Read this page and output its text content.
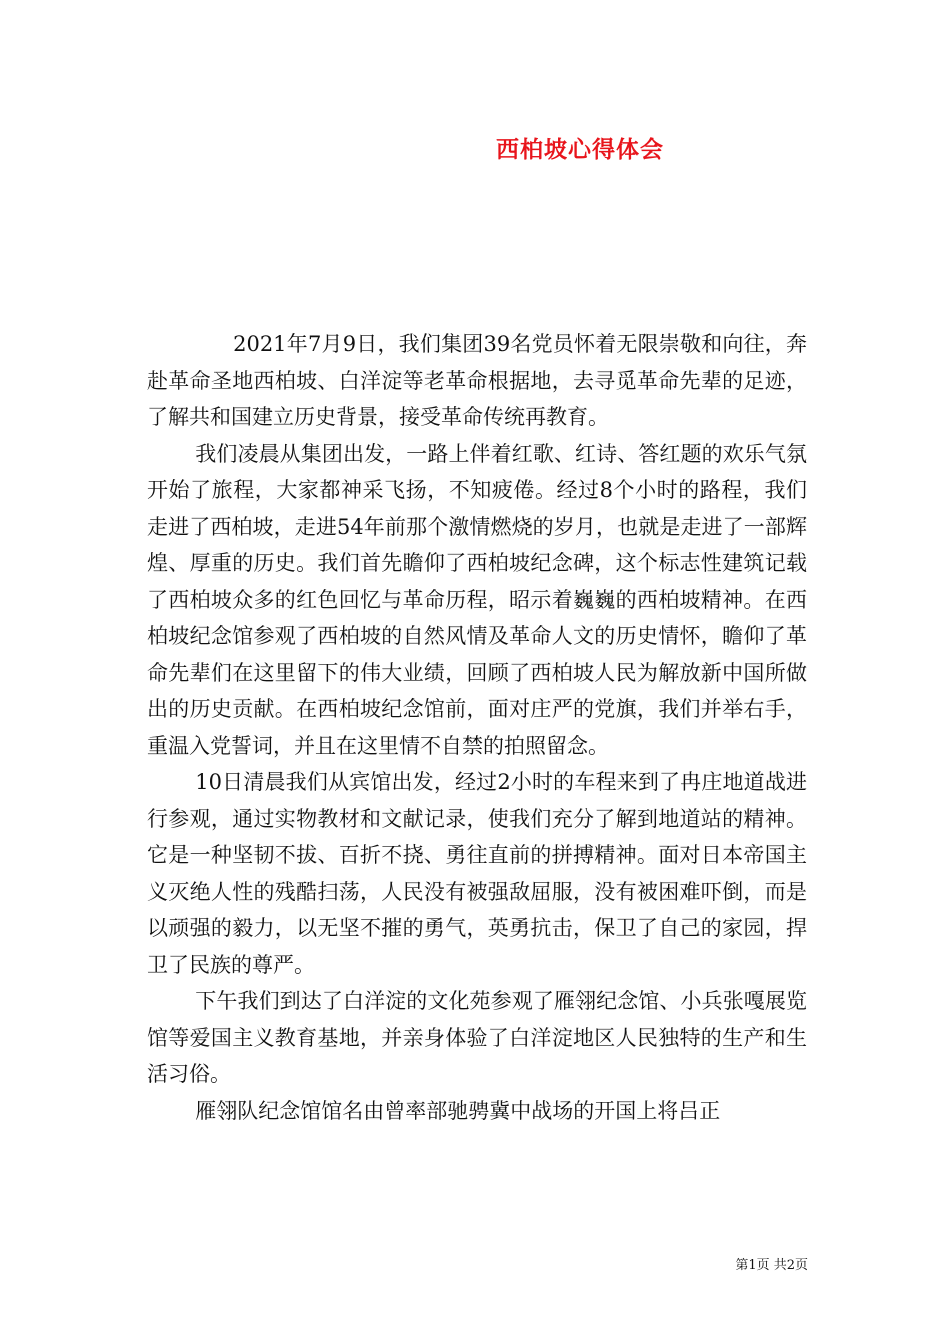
西柏坡心得体会

2021年7月9日，我们集团39名党员怀着无限崇敬和向往，奔赴革命圣地西柏坡、白洋淀等老革命根据地，去寻觅革命先辈的足迹，了解共和国建立历史背景，接受革命传统再教育。

我们凌晨从集团出发，一路上伴着红歌、红诗、答红题的欢乐气氛开始了旅程，大家都神采飞扬，不知疲倦。经过8个小时的路程，我们走进了西柏坡，走进54年前那个激情燃烧的岁月，也就是走进了一部辉煌、厚重的历史。我们首先瞻仰了西柏坡纪念碑，这个标志性建筑记载了西柏坡众多的红色回忆与革命历程，昭示着巍巍的西柏坡精神。在西柏坡纪念馆参观了西柏坡的自然风情及革命人文的历史情怀，瞻仰了革命先辈们在这里留下的伟大业绩，回顾了西柏坡人民为解放新中国所做出的历史贡献。在西柏坡纪念馆前，面对庄严的党旗，我们并举右手，重温入党誓词，并且在这里情不自禁的拍照留念。

10日清晨我们从宾馆出发，经过2小时的车程来到了冉庄地道战进行参观，通过实物教材和文献记录，使我们充分了解到地道站的精神。它是一种坚韧不拔、百折不挠、勇往直前的拼搏精神。面对日本帝国主义灭绝人性的残酷扫荡，人民没有被强敌屈服，没有被困难吓倒，而是以顽强的毅力，以无坚不摧的勇气，英勇抗击，保卫了自己的家园，捍卫了民族的尊严。

下午我们到达了白洋淀的文化苑参观了雁翎纪念馆、小兵张嘎展览馆等爱国主义教育基地，并亲身体验了白洋淀地区人民独特的生产和生活习俗。

雁翎队纪念馆馆名由曾率部驰骋冀中战场的开国上将吕正

第1页 共2页
